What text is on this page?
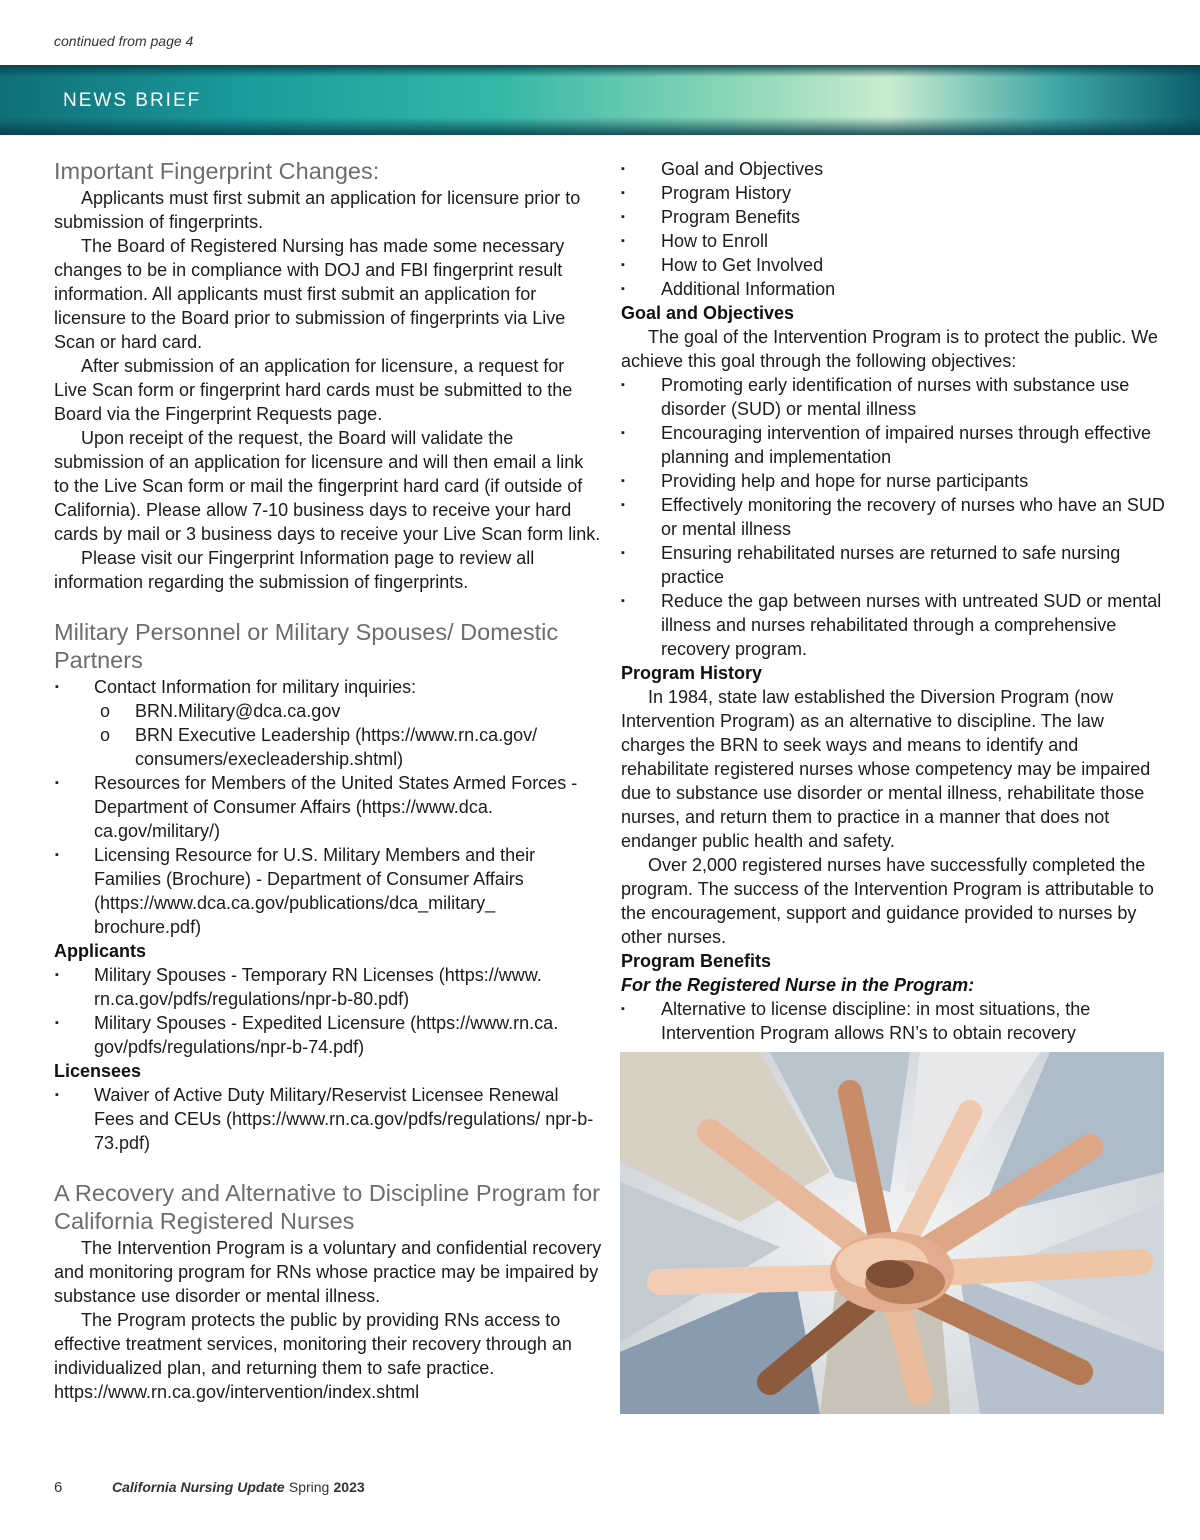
continued from page 4
NEWS BRIEF
Important Fingerprint Changes:

Applicants must first submit an application for licensure prior to submission of fingerprints.

The Board of Registered Nursing has made some necessary changes to be in compliance with DOJ and FBI fingerprint result information. All applicants must first submit an application for licensure to the Board prior to submission of fingerprints via Live Scan or hard card.

After submission of an application for licensure, a request for Live Scan form or fingerprint hard cards must be submitted to the Board via the Fingerprint Requests page.

Upon receipt of the request, the Board will validate the submission of an application for licensure and will then email a link to the Live Scan form or mail the fingerprint hard card (if outside of California). Please allow 7-10 business days to receive your hard cards by mail or 3 business days to receive your Live Scan form link.

Please visit our Fingerprint Information page to review all information regarding the submission of fingerprints.

Military Personnel or Military Spouses/ Domestic Partners
▪ Contact Information for military inquiries:
o BRN.Military@dca.ca.gov
o BRN Executive Leadership (https://www.rn.ca.gov/ consumers/execleadership.shtml)
▪ Resources for Members of the United States Armed Forces - Department of Consumer Affairs (https://www.dca. ca.gov/military/)
▪ Licensing Resource for U.S. Military Members and their Families (Brochure) - Department of Consumer Affairs (https://www.dca.ca.gov/publications/dca_military_ brochure.pdf)
Applicants
▪ Military Spouses - Temporary RN Licenses (https://www. rn.ca.gov/pdfs/regulations/npr-b-80.pdf)
▪ Military Spouses - Expedited Licensure (https://www.rn.ca. gov/pdfs/regulations/npr-b-74.pdf)
Licensees
▪ Waiver of Active Duty Military/Reservist Licensee Renewal Fees and CEUs (https://www.rn.ca.gov/pdfs/regulations/ npr-b-73.pdf)
A Recovery and Alternative to Discipline Program for California Registered Nurses

The Intervention Program is a voluntary and confidential recovery and monitoring program for RNs whose practice may be impaired by substance use disorder or mental illness.

The Program protects the public by providing RNs access to effective treatment services, monitoring their recovery through an individualized plan, and returning them to safe practice.

https://www.rn.ca.gov/intervention/index.shtml

▪ Goal and Objectives
▪ Program History
▪ Program Benefits
▪ How to Enroll
▪ How to Get Involved
▪ Additional Information
Goal and Objectives

The goal of the Intervention Program is to protect the public. We achieve this goal through the following objectives:

▪ Promoting early identification of nurses with substance use disorder (SUD) or mental illness
▪ Encouraging intervention of impaired nurses through effective planning and implementation
▪ Providing help and hope for nurse participants
▪ Effectively monitoring the recovery of nurses who have an SUD or mental illness
▪ Ensuring rehabilitated nurses are returned to safe nursing practice
▪ Reduce the gap between nurses with untreated SUD or mental illness and nurses rehabilitated through a comprehensive recovery program.
Program History

In 1984, state law established the Diversion Program (now Intervention Program) as an alternative to discipline. The law charges the BRN to seek ways and means to identify and rehabilitate registered nurses whose competency may be impaired due to substance use disorder or mental illness, rehabilitate those nurses, and return them to practice in a manner that does not endanger public health and safety.

Over 2,000 registered nurses have successfully completed the program. The success of the Intervention Program is attributable to the encouragement, support and guidance provided to nurses by other nurses.

Program Benefits
For the Registered Nurse in the Program:
▪ Alternative to license discipline: in most situations, the Intervention Program allows RN’s to obtain recovery
6	California Nursing Update Spring 2023
